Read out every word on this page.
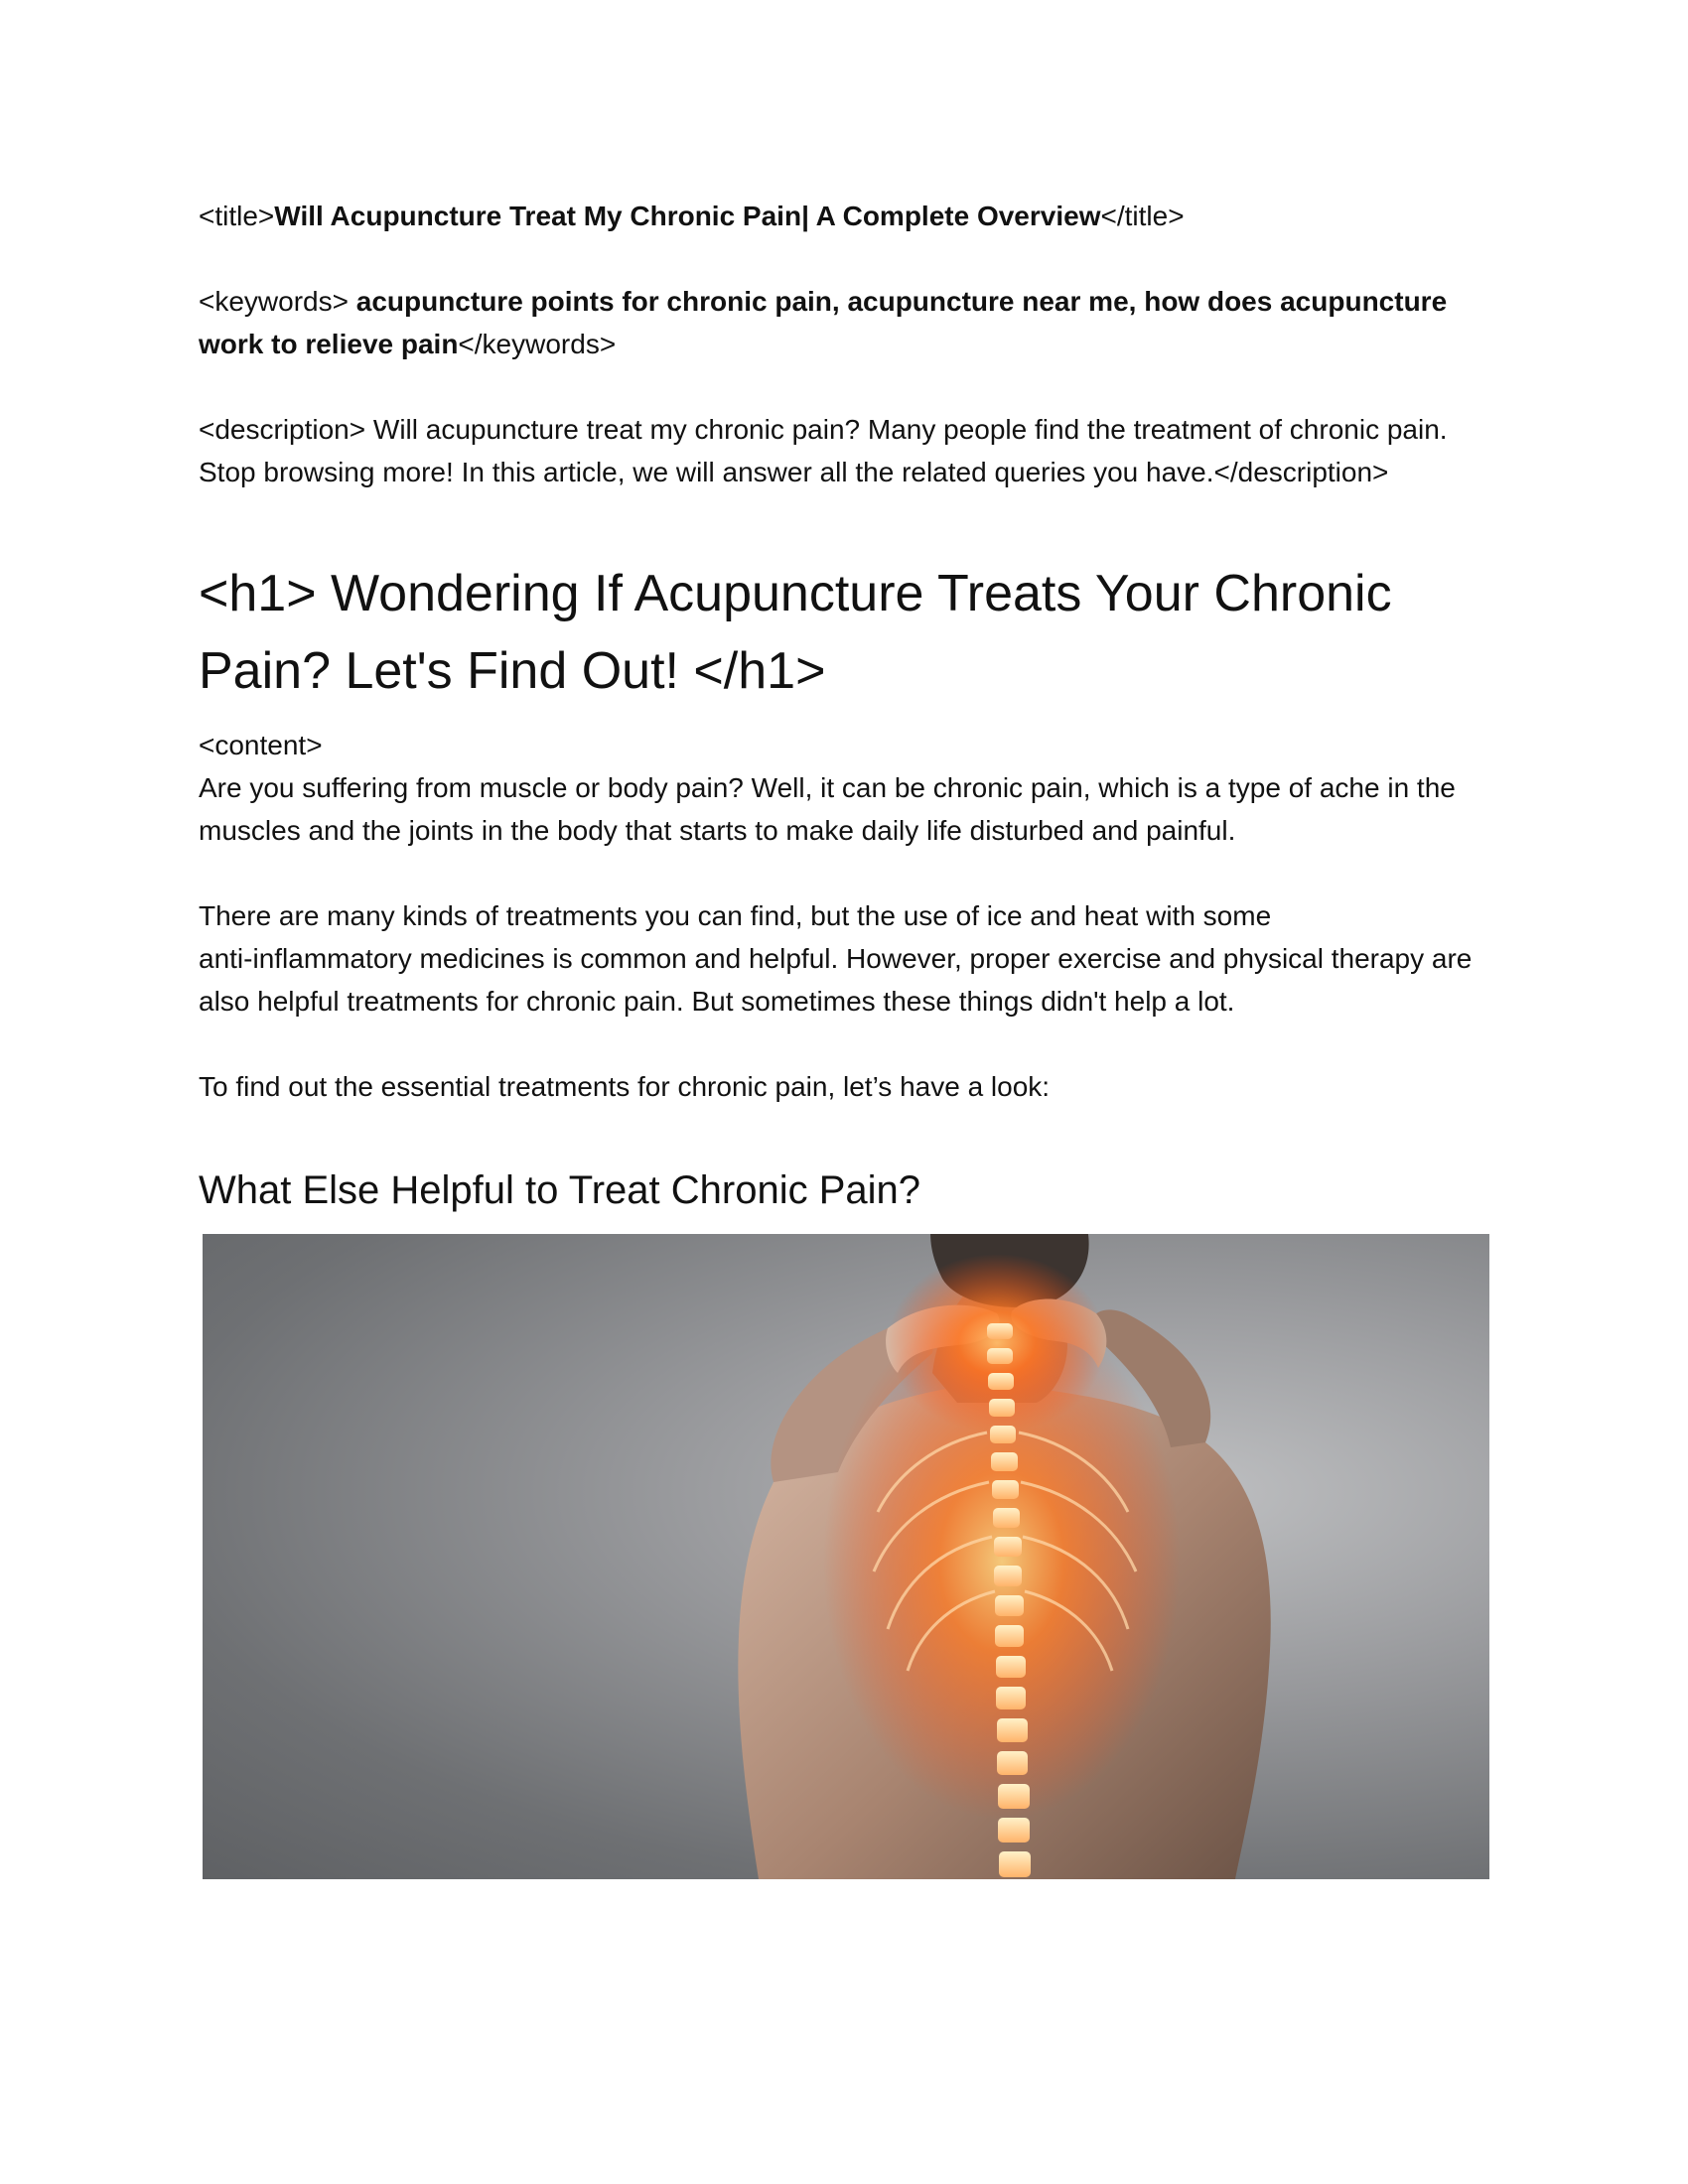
<title>Will Acupuncture Treat My Chronic Pain| A Complete Overview</title>

<keywords> acupuncture points for chronic pain, acupuncture near me, how does acupuncture work to relieve pain</keywords>

<description> Will acupuncture treat my chronic pain? Many people find the treatment of chronic pain. Stop browsing more! In this article, we will answer all the related queries you have.</description>

<h1> Wondering If Acupuncture Treats Your Chronic Pain? Let's Find Out! </h1>
<content>

Are you suffering from muscle or body pain? Well, it can be chronic pain, which is a type of ache in the muscles and the joints in the body that starts to make daily life disturbed and painful.

There are many kinds of treatments you can find, but the use of ice and heat with some
anti-inflammatory medicines is common and helpful. However, proper exercise and physical therapy are also helpful treatments for chronic pain. But sometimes these things didn't help a lot.

To find out the essential treatments for chronic pain, let’s have a look:

What Else Helpful to Treat Chronic Pain?
